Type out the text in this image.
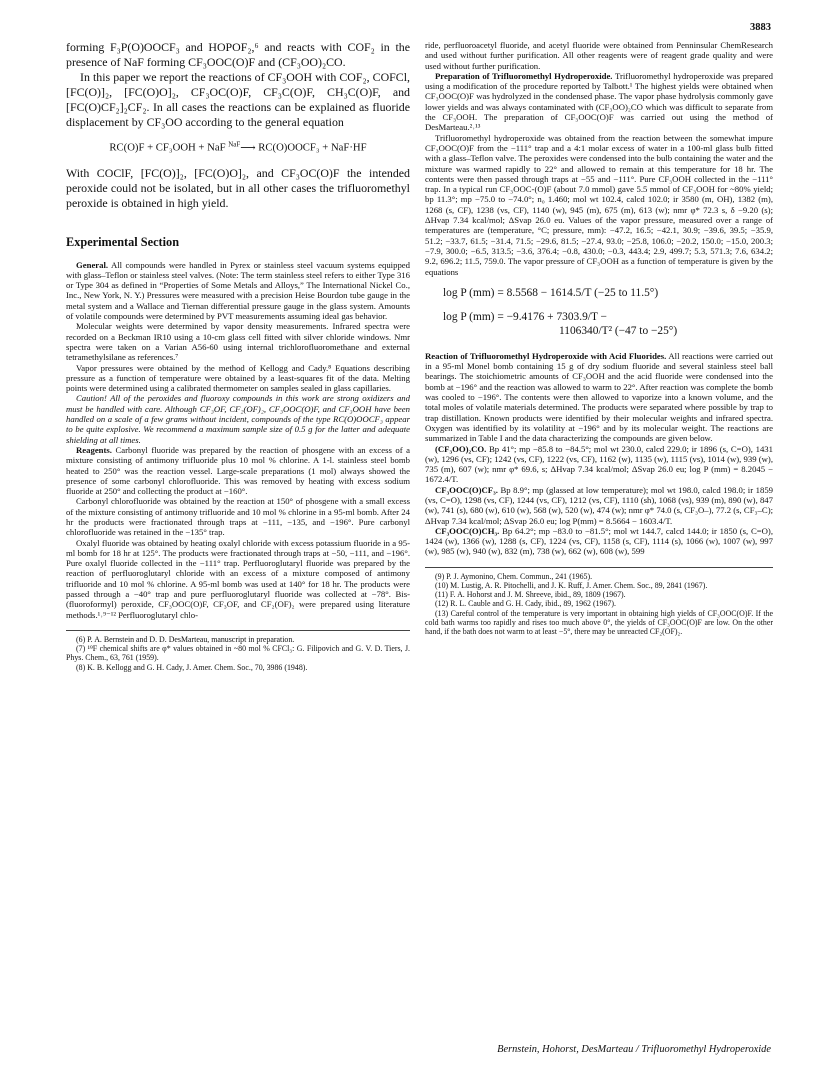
3883

forming F₃P(O)OOCF₃ and HOPOF₂,⁶ and reacts with COF₂ in the presence of NaF forming CF₃OOC(O)F and (CF₃OO)₂CO.

In this paper we report the reactions of CF₃OOH with COF₂, COFCl, [FC(O)]₂, [FC(O)O]₂, CF₃OC(O)F, CF₃C(O)F, CH₃C(O)F, and [FC(O)CF₂]₂CF₂. In all cases the reactions can be explained as fluoride displacement by CF₃OO according to the general equation

RC(O)F + CF₃OOH + NaF $^{NaF}$⟶ RC(O)OOCF₃ + NaF·HF

With COClF, [FC(O)]₂, [FC(O)O]₂, and CF₃OC(O)F the intended peroxide could not be isolated, but in all other cases the trifluoromethyl peroxide is obtained in high yield.

Experimental Section

General. All compounds were handled in Pyrex or stainless steel vacuum systems equipped with glass–Teflon or stainless steel valves. (Note: The term stainless steel refers to either Type 316 or Type 304 as defined in “Properties of Some Metals and Alloys,” The International Nickel Co., Inc., New York, N. Y.) Pressures were measured with a precision Heise Bourdon tube gauge in the metal system and a Wallace and Tiernan differential pressure gauge in the glass system. Amounts of volatile compounds were determined by PVT measurements assuming ideal gas behavior.

Molecular weights were determined by vapor density measurements. Infrared spectra were recorded on a Beckman IR10 using a 10-cm glass cell fitted with silver chloride windows. Nmr spectra were taken on a Varian A56-60 using internal trichlorofluoromethane and external tetramethylsilane as references.⁷

Vapor pressures were obtained by the method of Kellogg and Cady.⁸ Equations describing pressure as a function of temperature were obtained by a least-squares fit of the data. Melting points were determined using a calibrated thermometer on samples sealed in glass capillaries.

Caution! All of the peroxides and fluoroxy compounds in this work are strong oxidizers and must be handled with care. Although CF₃OF, CF₂(OF)₂, CF₃OOC(O)F, and CF₃OOH have been handled on a scale of a few grams without incident, compounds of the type RC(O)OOCF₃ appear to be quite explosive. We recommend a maximum sample size of 0.5 g for the latter and adequate shielding at all times.

Reagents. Carbonyl fluoride was prepared by the reaction of phosgene with an excess of a mixture consisting of antimony trifluoride plus 10 mol % chlorine. A 1-l. stainless steel bomb heated to 250° was the reaction vessel. Large-scale preparations (1 mol) always showed the presence of some carbonyl chlorofluoride. This was removed by heating with excess sodium fluoride at 250° and collecting the product at −160°.

Carbonyl chlorofluoride was obtained by the reaction at 150° of phosgene with a small excess of the mixture consisting of antimony trifluoride and 10 mol % chlorine in a 95-ml bomb. After 24 hr the products were fractionated through traps at −111, −135, and −196°. Pure carbonyl chlorofluoride was retained in the −135° trap.

Oxalyl fluoride was obtained by heating oxalyl chloride with excess potassium fluoride in a 95-ml bomb for 18 hr at 125°. The products were fractionated through traps at −50, −111, and −196°. Pure oxalyl fluoride collected in the −111° trap. Perfluoroglutaryl fluoride was prepared by the reaction of perfluoroglutaryl chloride with an excess of a mixture composed of antimony trifluoride and 10 mol % chlorine. A 95-ml bomb was used at 140° for 18 hr. The products were passed through a −40° trap and pure perfluoroglutaryl fluoride was collected at −78°. Bis-(fluoroformyl) peroxide, CF₃OOC(O)F, CF₃OF, and CF₂(OF)₂ were prepared using literature methods.¹˒⁹⁻¹² Perfluoroglutaryl chlo-

(6) P. A. Bernstein and D. D. DesMarteau, manuscript in preparation.

(7) ¹⁹F chemical shifts are φ* values obtained in ~80 mol % CFCl₃: G. Filipovich and G. V. D. Tiers, J. Phys. Chem., 63, 761 (1959).

(8) K. B. Kellogg and G. H. Cady, J. Amer. Chem. Soc., 70, 3986 (1948).

ride, perfluoroacetyl fluoride, and acetyl fluoride were obtained from Penninsular ChemResearch and used without further purification. All other reagents were of reagent grade quality and were used without further purification.

Preparation of Trifluoromethyl Hydroperoxide. Trifluoromethyl hydroperoxide was prepared using a modification of the procedure reported by Talbott.¹ The highest yields were obtained when CF₃OOC(O)F was hydrolyzed in the condensed phase. The vapor phase hydrolysis commonly gave lower yields and was always contaminated with (CF₃OO)₂CO which was difficult to separate from the CF₃OOH. The preparation of CF₃OOC(O)F was carried out using the method of DesMarteau.²˒¹³

Trifluoromethyl hydroperoxide was obtained from the reaction between the somewhat impure CF₃OOC(O)F from the −111° trap and a 4:1 molar excess of water in a 100-ml glass bulb fitted with a glass–Teflon valve. The peroxides were condensed into the bulb containing the water and the mixture was warmed rapidly to 22° and allowed to remain at this temperature for 18 hr. The contents were then passed through traps at −55 and −111°. Pure CF₃OOH collected in the −111° trap. In a typical run CF₃OOC-(O)F (about 7.0 mmol) gave 5.5 mmol of CF₃OOH for ~80% yield; bp 11.3°; mp −75.0 to −74.0°; n₀ 1.460; mol wt 102.4, calcd 102.0; ir 3580 (m, OH), 1382 (m), 1268 (s, CF), 1238 (vs, CF), 1140 (w), 945 (m), 675 (m), 613 (w); nmr φ* 72.3 s, δ −9.20 (s); ΔHvap 7.34 kcal/mol; ΔSvap 26.0 eu. Values of the vapor pressure, measured over a range of temperatures are (temperature, °C; pressure, mm): −47.2, 16.5; −42.1, 30.9; −39.6, 39.5; −35.9, 51.2; −33.7, 61.5; −31.4, 71.5; −29.6, 81.5; −27.4, 93.0; −25.8, 106.0; −20.2, 150.0; −15.0, 200.3; −7.9, 300.0; −6.5, 313.5; −3.6, 376.4; −0.8, 430.0; −0.3, 443.4; 2.9, 499.7; 5.3, 571.3; 7.6, 634.2; 9.2, 696.2; 11.5, 759.0. The vapor pressure of CF₃OOH as a function of temperature is given by the equations

log P (mm) = 8.5568 − 1614.5/T (−25 to 11.5°)
log P (mm) = −9.4176 + 7303.9/T −
1106340/T² (−47 to −25°)

Reaction of Trifluoromethyl Hydroperoxide with Acid Fluorides. All reactions were carried out in a 95-ml Monel bomb containing 15 g of dry sodium fluoride and several stainless steel ball bearings. The stoichiometric amounts of CF₃OOH and the acid fluoride were condensed into the bomb at −196° and the reaction was allowed to warm to 22°. After reaction was complete the bomb was cooled to −196°. The contents were then allowed to vaporize into a known volume, and the total moles of volatile materials determined. The products were separated where possible by trap to trap distillation. Known products were identified by their molecular weights and infrared spectra. Oxygen was identified by its volatility at −196° and by its molecular weight. The reactions are summarized in Table I and the data characterizing the compounds are given below.

(CF₃OO)₂CO. Bp 41°; mp −85.8 to −84.5°; mol wt 230.0, calcd 229.0; ir 1896 (s, C=O), 1431 (w), 1296 (vs, CF); 1242 (vs, CF), 1222 (vs, CF), 1162 (w), 1135 (w), 1115 (vs), 1014 (w), 939 (w), 735 (m), 607 (w); nmr φ* 69.6, s; ΔHvap 7.34 kcal/mol; ΔSvap 26.0 eu; log P (mm) = 8.2045 − 1672.4/T.

CF₃OOC(O)CF₃. Bp 8.9°; mp (glassed at low temperature); mol wt 198.0, calcd 198.0; ir 1859 (vs, C=O), 1298 (vs, CF), 1244 (vs, CF), 1212 (vs, CF), 1110 (sh), 1068 (vs), 939 (m), 890 (w), 847 (w), 741 (s), 680 (w), 610 (w), 568 (w), 520 (w), 474 (w); nmr φ* 74.0 (s, CF₃O–), 77.2 (s, CF₃–C); ΔHvap 7.34 kcal/mol; ΔSvap 26.0 eu; log P(mm) = 8.5664 − 1603.4/T.

CF₃OOC(O)CH₃. Bp 64.2°; mp −83.0 to −81.5°; mol wt 144.7, calcd 144.0; ir 1850 (s, C=O), 1424 (w), 1366 (w), 1288 (s, CF), 1224 (vs, CF), 1158 (s, CF), 1114 (s), 1066 (w), 1007 (w), 997 (w), 985 (w), 940 (w), 832 (m), 738 (w), 662 (w), 608 (w), 599

(9) P. J. Aymonino, Chem. Commun., 241 (1965).

(10) M. Lustig, A. R. Pitochelli, and J. K. Ruff, J. Amer. Chem. Soc., 89, 2841 (1967).

(11) F. A. Hohorst and J. M. Shreeve, ibid., 89, 1809 (1967).

(12) R. L. Cauble and G. H. Cady, ibid., 89, 1962 (1967).

(13) Careful control of the temperature is very important in obtaining high yields of CF₃OOC(O)F. If the cold bath warms too rapidly and rises too much above 0°, the yields of CF₃OOC(O)F are low. On the other hand, if the bath does not warm to at least −5°, there may be unreacted CF₂(OF)₂.

Bernstein, Hohorst, DesMarteau / Trifluoromethyl Hydroperoxide
